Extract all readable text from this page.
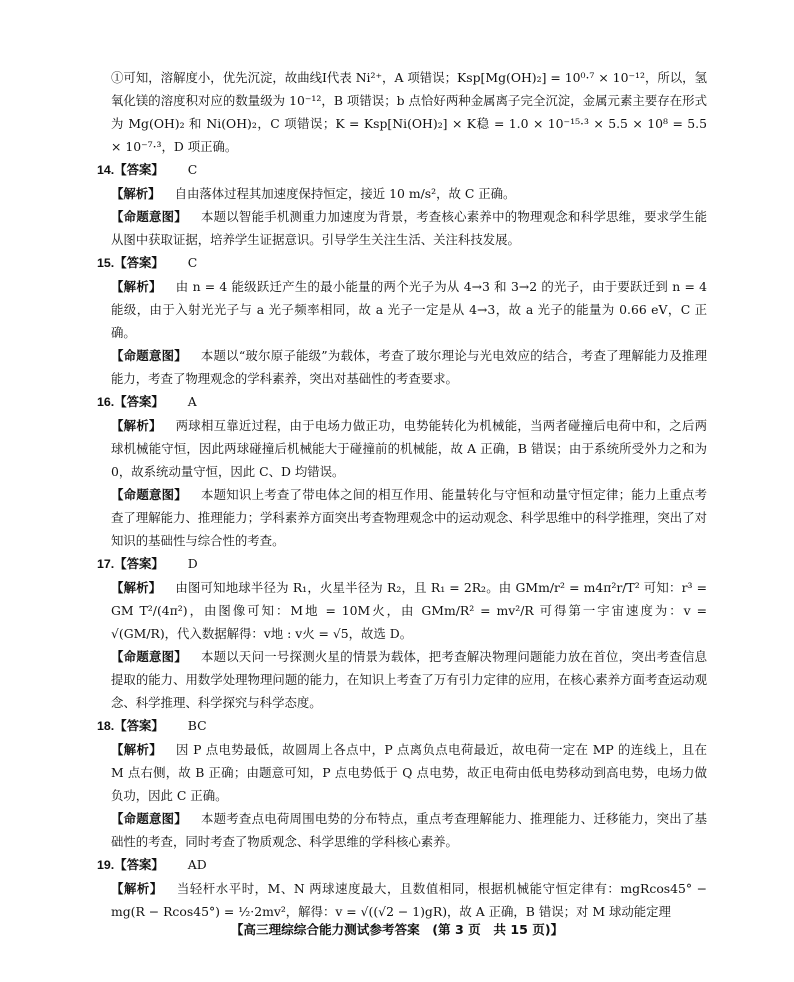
①可知，溶解度小，优先沉淀，故曲线Ⅰ代表 Ni²⁺，A 项错误；Ksp[Mg(OH)₂] = 10⁰·⁷ × 10⁻¹²，所以，氢氧化镁的溶度积对应的数量级为 10⁻¹²，B 项错误；b 点恰好两种金属离子完全沉淀，金属元素主要存在形式为 Mg(OH)₂ 和 Ni(OH)₂，C 项错误；K = Ksp[Ni(OH)₂] × K稳 = 1.0 × 10⁻¹⁵·³ × 5.5 × 10⁸ = 5.5 × 10⁻⁷·³，D 项正确。

14. 【答案】 C

【解析】 自由落体过程其加速度保持恒定，接近 10 m/s²，故 C 正确。

【命题意图】 本题以智能手机测重力加速度为背景，考查核心素养中的物理观念和科学思维，要求学生能从图中获取证据，培养学生证据意识。引导学生关注生活、关注科技发展。

15. 【答案】 C

【解析】 由 n = 4 能级跃迁产生的最小能量的两个光子为从 4→3 和 3→2 的光子，由于要跃迁到 n = 4 能级，由于入射光光子与 a 光子频率相同，故 a 光子一定是从 4→3，故 a 光子的能量为 0.66 eV，C 正确。

【命题意图】 本题以“玻尔原子能级”为载体，考查了玻尔理论与光电效应的结合，考查了理解能力及推理能力，考查了物理观念的学科素养，突出对基础性的考查要求。

16. 【答案】 A

【解析】 两球相互靠近过程，由于电场力做正功，电势能转化为机械能，当两者碰撞后电荷中和，之后两球机械能守恒，因此两球碰撞后机械能大于碰撞前的机械能，故 A 正确，B 错误；由于系统所受外力之和为 0，故系统动量守恒，因此 C、D 均错误。

【命题意图】 本题知识上考查了带电体之间的相互作用、能量转化与守恒和动量守恒定律；能力上重点考查了理解能力、推理能力；学科素养方面突出考查物理观念中的运动观念、科学思维中的科学推理，突出了对知识的基础性与综合性的考查。

17. 【答案】 D

【解析】 由图可知地球半径为 R₁，火星半径为 R₂，且 R₁ = 2R₂。由 GMm/r² = m4π²r/T² 可知：r³ = GM T²/(4π²)，由图像可知：M地 = 10M火，由 GMm/R² = mv²/R 可得第一宇宙速度为：v = √(GM/R)，代入数据解得：v地 : v火 = √5，故选 D。

【命题意图】 本题以天问一号探测火星的情景为载体，把考查解决物理问题能力放在首位，突出考查信息提取的能力、用数学处理物理问题的能力，在知识上考查了万有引力定律的应用，在核心素养方面考查运动观念、科学推理、科学探究与科学态度。

18. 【答案】 BC

【解析】 因 P 点电势最低，故圆周上各点中，P 点离负点电荷最近，故电荷一定在 MP 的连线上，且在 M 点右侧，故 B 正确；由题意可知，P 点电势低于 Q 点电势，故正电荷由低电势移动到高电势，电场力做负功，因此 C 正确。

【命题意图】 本题考查点电荷周围电势的分布特点，重点考查理解能力、推理能力、迁移能力，突出了基础性的考查，同时考查了物质观念、科学思维的学科核心素养。

19. 【答案】 AD

【解析】 当轻杆水平时，M、N 两球速度最大，且数值相同，根据机械能守恒定律有：mgRcos45° − mg(R − Rcos45°) = ½·2mv²，解得：v = √((√2 − 1)gR)，故 A 正确，B 错误；对 M 球动能定理

【高三理综综合能力测试参考答案　(第 3 页　共 15 页)】
